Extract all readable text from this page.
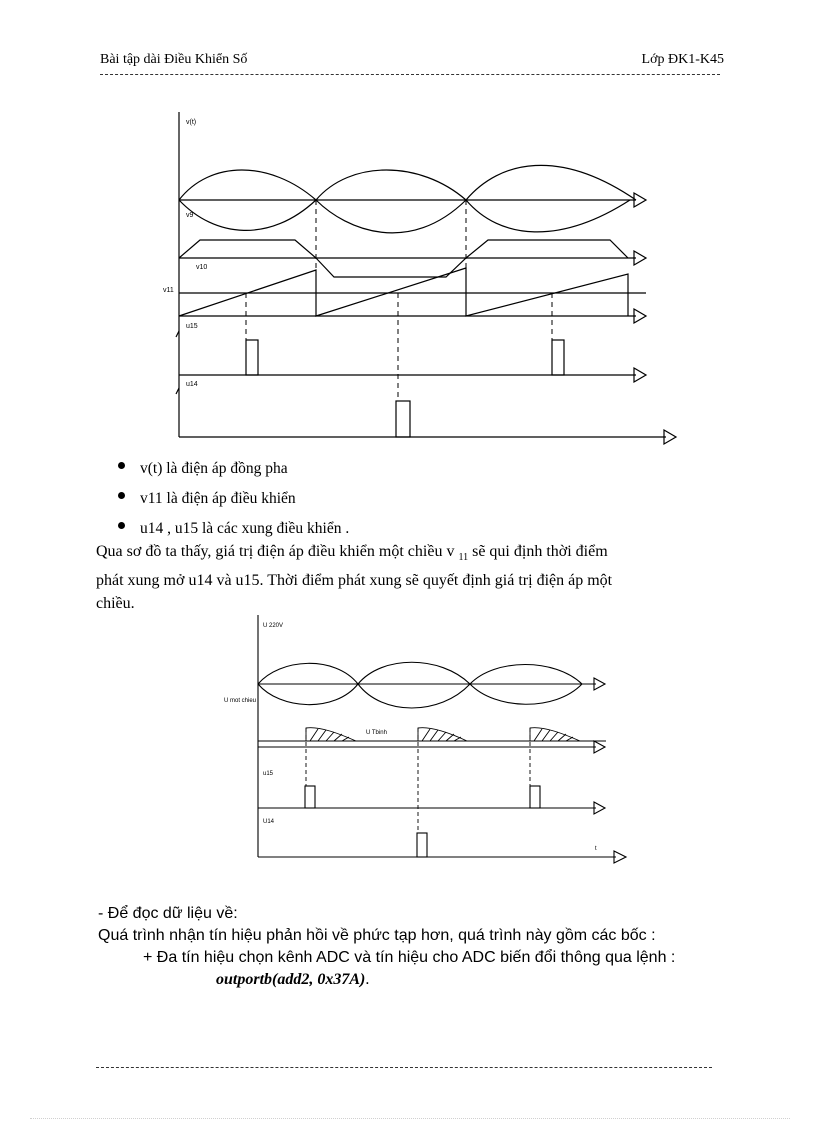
Bài tập dài Điều Khiển Số	Lớp ĐK1-K45
v(t)
v9
v10
v11
u15
u14
v(t) là điện áp đồng pha
v11 là điện áp điều khiển
u14 , u15 là các xung điều khiển .
Qua sơ đồ ta thấy, giá trị điện áp điều khiển một chiều v $_{11}$ sẽ qui định thời điểm
phát xung mở u14 và u15. Thời điểm phát xung sẽ quyết định giá trị điện áp một
chiều.
U 220V
U mot chieu
U Tbinh
u15
U14
t
- Để đọc dữ liệu về:
Quá trình nhận tín hiệu phản hồi về phức tạp hơn, quá trình này gồm các bốc :
+ Đa tín hiệu chọn kênh ADC và tín hiệu cho ADC biến đổi thông qua lệnh :
outportb(add2, 0x37A).
